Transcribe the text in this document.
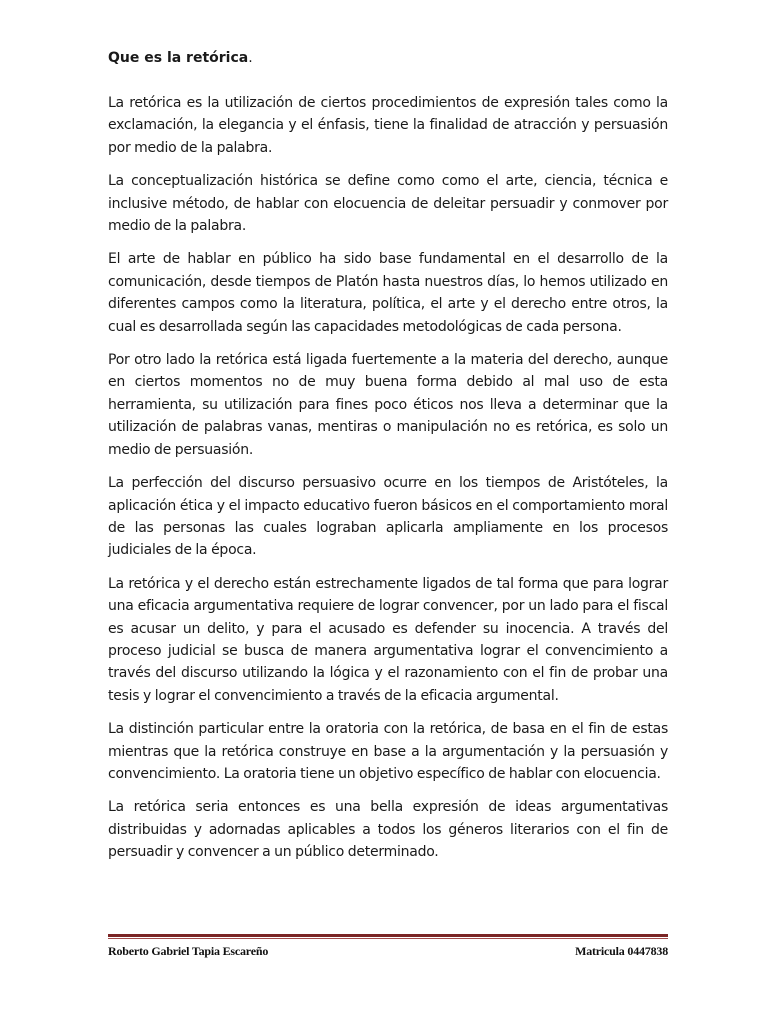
Que es la retórica.

La retórica es la utilización de ciertos procedimientos de expresión tales como la exclamación, la elegancia y el énfasis, tiene la finalidad de atracción y persuasión por medio de la palabra.

La conceptualización histórica se define como como el arte, ciencia, técnica e inclusive método, de hablar con elocuencia de deleitar persuadir y conmover por medio de la palabra.

El arte de hablar en público ha sido base fundamental en el desarrollo de la comunicación, desde tiempos de Platón hasta nuestros días, lo hemos utilizado en diferentes campos como la literatura, política, el arte y el derecho entre otros, la cual es desarrollada según las capacidades metodológicas de cada persona.

Por otro lado la retórica está ligada fuertemente a la materia del derecho, aunque en ciertos momentos no de muy buena forma debido al mal uso de esta herramienta, su utilización para fines poco éticos nos lleva a determinar que la utilización de palabras vanas, mentiras o manipulación no es retórica, es solo un medio de persuasión.

La perfección del discurso persuasivo ocurre en los tiempos de Aristóteles, la aplicación ética y el impacto educativo fueron básicos en el comportamiento moral de las personas las cuales lograban aplicarla ampliamente en los procesos judiciales de la época.

La retórica y el derecho están estrechamente ligados de tal forma que para lograr una eficacia argumentativa requiere de lograr convencer, por un lado para el fiscal es acusar un delito, y para el acusado es defender su inocencia. A través del proceso judicial se busca de manera argumentativa lograr el convencimiento a través del discurso utilizando la lógica y el razonamiento con el fin de probar una tesis y lograr el convencimiento a través de la eficacia argumental.

La distinción particular entre la oratoria con la retórica, de basa en el fin de estas mientras que la retórica construye en base a la argumentación y la persuasión y convencimiento. La oratoria tiene un objetivo específico de hablar con elocuencia.

La retórica seria entonces es una bella expresión de ideas argumentativas distribuidas y adornadas aplicables a todos los géneros literarios con el fin de persuadir y convencer a un público determinado.

Roberto Gabriel Tapia Escareño	Matricula 0447838
